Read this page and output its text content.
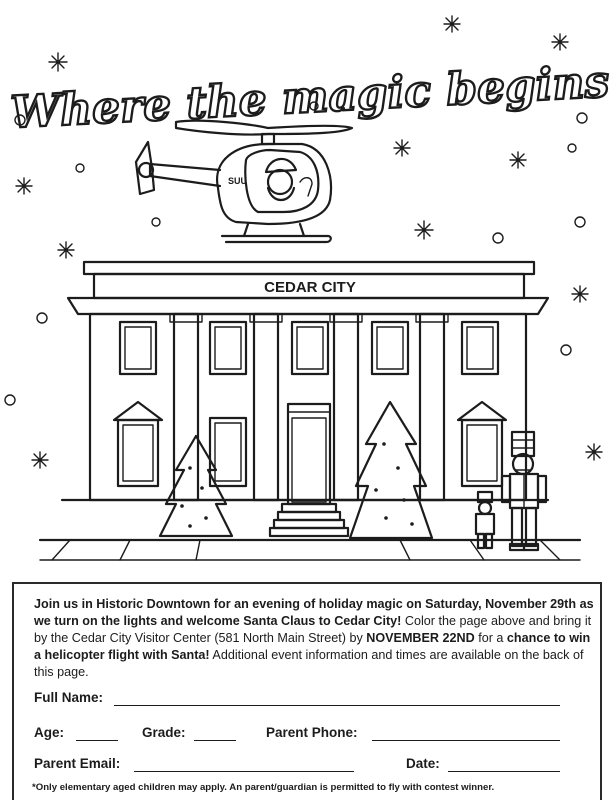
Where the magic begins
SUU
CEDAR CITY
Join us in Historic Downtown for an evening of holiday magic on Saturday, November 29th as we turn on the lights and welcome Santa Claus to Cedar City! Color the page above and bring it by the Cedar City Visitor Center (581 North Main Street) by NOVEMBER 22ND for a chance to win a helicopter flight with Santa! Additional event information and times are available on the back of this page.
Full Name:
Age:	Grade:	Parent Phone:
Parent Email:	Date:
*Only elementary aged children may apply. An parent/guardian is permitted to fly with contest winner.
